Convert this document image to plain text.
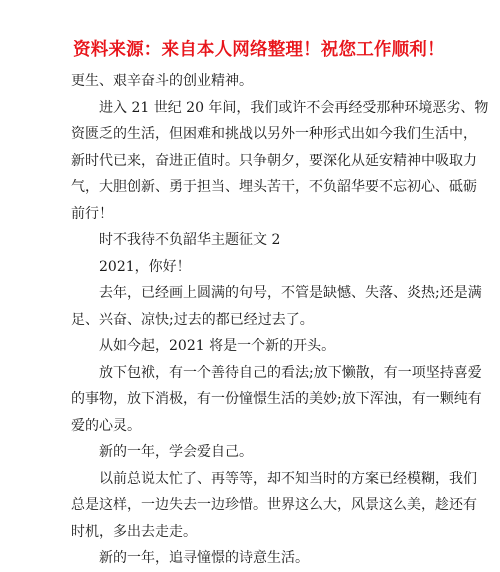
资料来源：来自本人网络整理！祝您工作顺利！

更生、艰辛奋斗的创业精神。

进入 21 世纪 20 年间，我们或许不会再经受那种环境恶劣、物
资匮乏的生活，但困难和挑战以另外一种形式出如今我们生活中，
新时代已来，奋进正值时。只争朝夕，要深化从延安精神中吸取力
气，大胆创新、勇于担当、埋头苦干，不负韶华要不忘初心、砥砺
前行！

时不我待不负韶华主题征文 2

2021，你好！

去年，已经画上圆满的句号，不管是缺憾、失落、炎热;还是满
足、兴奋、凉快;过去的都已经过去了。

从如今起，2021 将是一个新的开头。

放下包袱，有一个善待自己的看法;放下懒散，有一项坚持喜爱
的事物，放下消极，有一份憧憬生活的美妙;放下浑浊，有一颗纯有
爱的心灵。

新的一年，学会爱自己。

以前总说太忙了、再等等，却不知当时的方案已经模糊，我们
总是这样，一边失去一边珍惜。世界这么大，风景这么美，趁还有
时机，多出去走走。

新的一年，追寻憧憬的诗意生活。
